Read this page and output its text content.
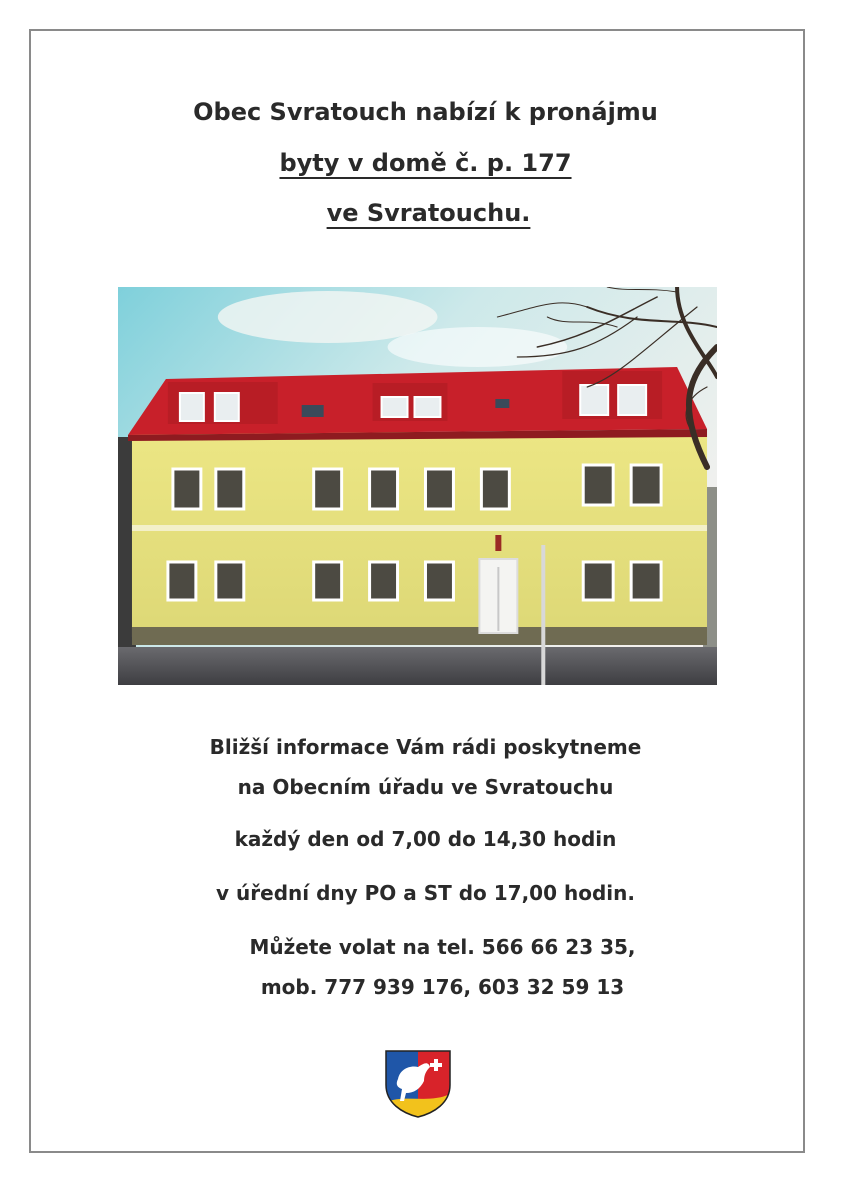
Obec Svratouch nabízí k pronájmu
byty v domě č. p. 177
ve Svratouchu.
Bližší informace Vám rádi poskytneme
na Obecním úřadu ve Svratouchu
každý den od 7,00 do 14,30 hodin
v úřední dny PO a ST do 17,00 hodin.
Můžete volat na tel. 566 66 23 35,
mob. 777 939 176, 603 32 59 13
